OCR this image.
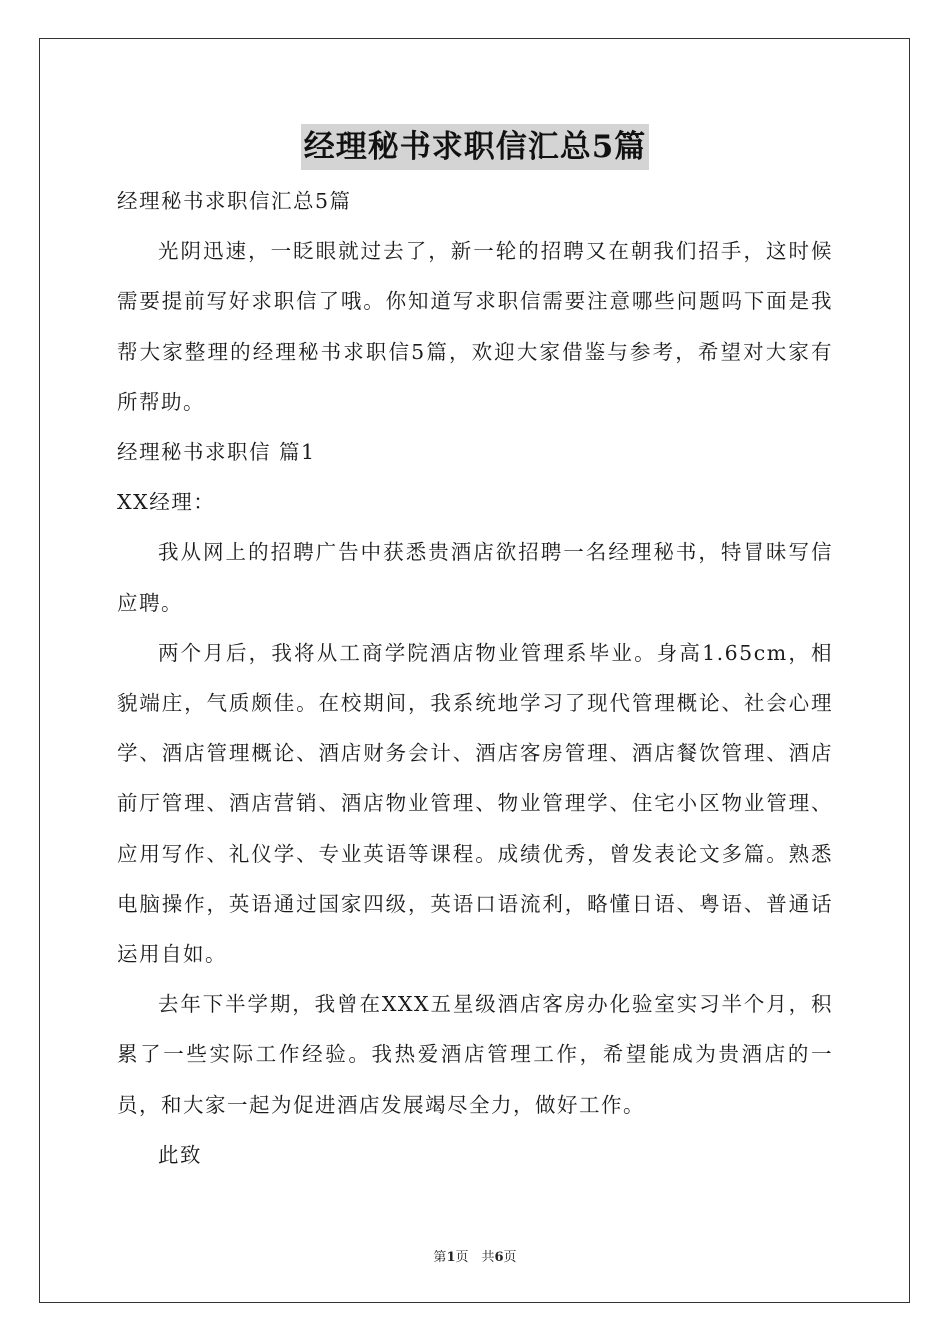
经理秘书求职信汇总5篇

经理秘书求职信汇总5篇

光阴迅速，一眨眼就过去了，新一轮的招聘又在朝我们招手，这时候需要提前写好求职信了哦。你知道写求职信需要注意哪些问题吗下面是我帮大家整理的经理秘书求职信5篇，欢迎大家借鉴与参考，希望对大家有所帮助。

经理秘书求职信 篇1

XX经理：

我从网上的招聘广告中获悉贵酒店欲招聘一名经理秘书，特冒昧写信应聘。

两个月后，我将从工商学院酒店物业管理系毕业。身高1.65cm，相貌端庄，气质颇佳。在校期间，我系统地学习了现代管理概论、社会心理学、酒店管理概论、酒店财务会计、酒店客房管理、酒店餐饮管理、酒店前厅管理、酒店营销、酒店物业管理、物业管理学、住宅小区物业管理、应用写作、礼仪学、专业英语等课程。成绩优秀，曾发表论文多篇。熟悉电脑操作，英语通过国家四级，英语口语流利，略懂日语、粤语、普通话运用自如。

去年下半学期，我曾在XXX五星级酒店客房办化验室实习半个月，积累了一些实际工作经验。我热爱酒店管理工作，希望能成为贵酒店的一员，和大家一起为促进酒店发展竭尽全力，做好工作。

此致

第1页　共6页
